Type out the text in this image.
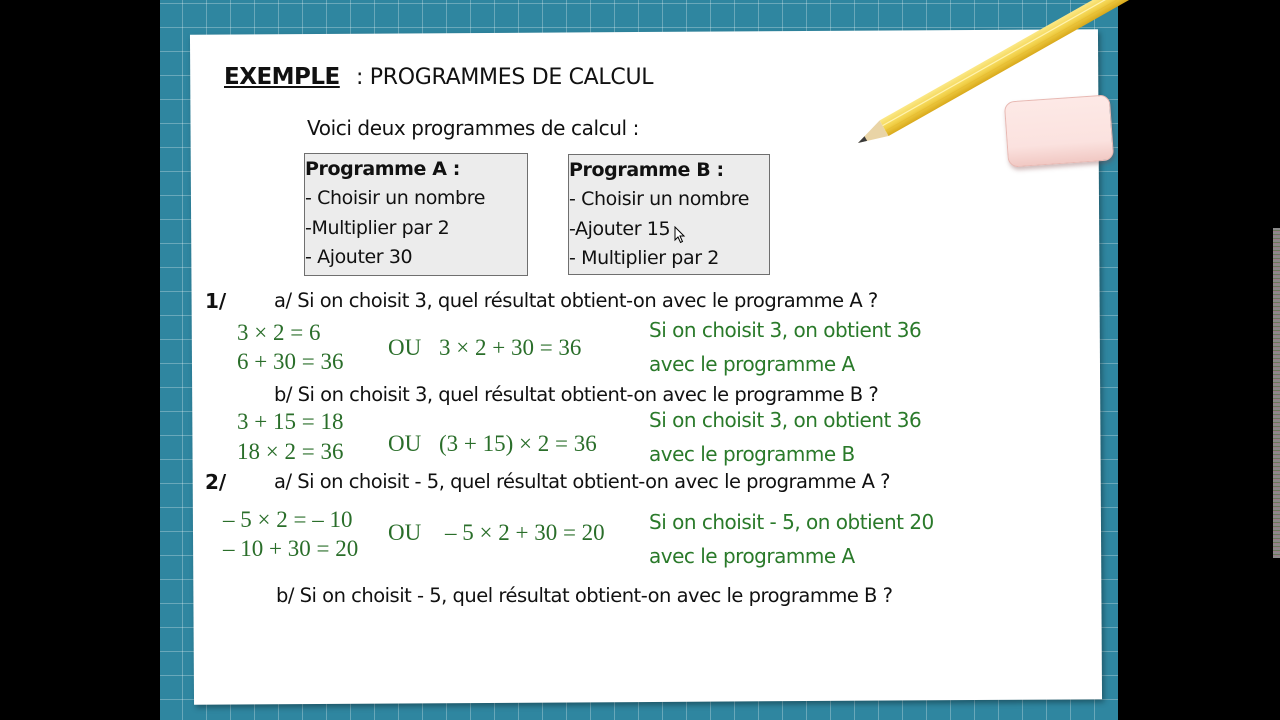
EXEMPLE : PROGRAMMES DE CALCUL
Voici deux programmes de calcul :
Programme A :
- Choisir un nombre
-Multiplier par 2
- Ajouter 30
Programme B :
- Choisir un nombre
-Ajouter 15
- Multiplier par 2
1/ a/ Si on choisit 3, quel résultat obtient-on avec le programme A ?
3 × 2 = 6
6 + 30 = 36
OU 3 × 2 + 30 = 36
Si on choisit 3, on obtient 36
avec le programme A
b/ Si on choisit 3, quel résultat obtient-on avec le programme B ?
3 + 15 = 18
18 × 2 = 36 OU (3 + 15) × 2 = 36
Si on choisit 3, on obtient 36
avec le programme B
2/ a/ Si on choisit - 5, quel résultat obtient-on avec le programme A ?
– 5 × 2 = – 10
– 10 + 30 = 20
OU – 5 × 2 + 30 = 20 Si on choisit - 5, on obtient 20
avec le programme A
b/ Si on choisit - 5, quel résultat obtient-on avec le programme B ?
